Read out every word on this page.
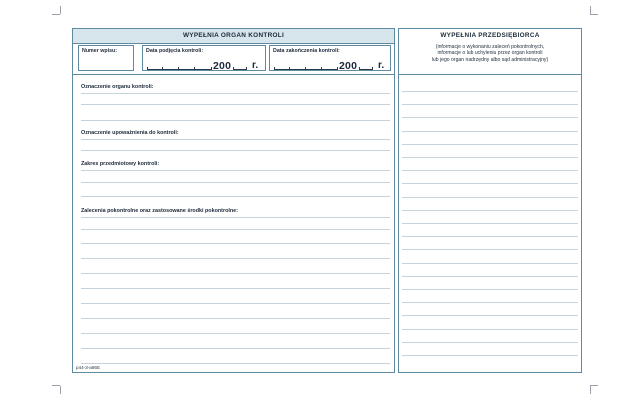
WYPEŁNIA ORGAN KONTROLI
Numer wpisu:	Data podjęcia kontroli:
200 r.
Data zakończenia kontroli:
200 r.
Oznaczenie organu kontroli:
Oznaczenie upoważnienia do kontroli:
Zakres przedmiotowy kontroli:
Zalecenia pokontrolne oraz zastosowane środki pokontrolne:
p44-3-a86E
WYPEŁNIA PRZEDSIĘBIORCA
(informacje o wykonaniu zaleceń pokontrolnych,
informacje o lub uchyleniu przez organ kontroli
lub jego organ nadrzędny albo sąd administracyjny)
